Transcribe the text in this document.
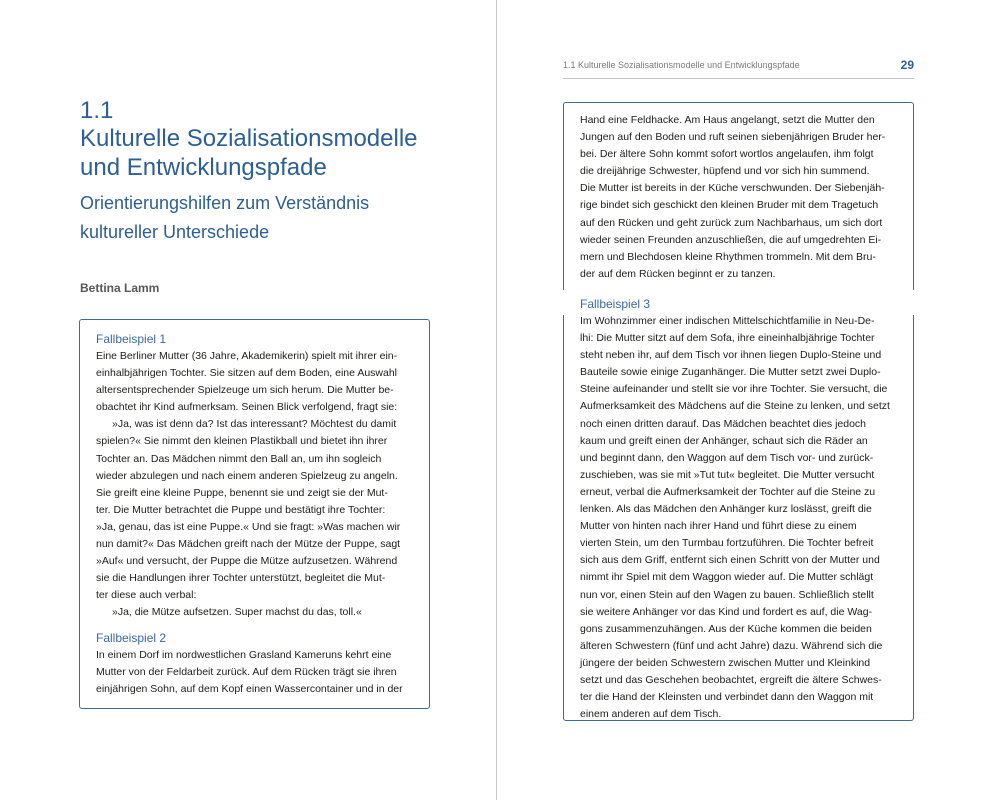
1.1
Kulturelle Sozialisationsmodelle
und Entwicklungspfade
Orientierungshilfen zum Verständnis
kultureller Unterschiede
Bettina Lamm
Fallbeispiel 1
Eine Berliner Mutter (36 Jahre, Akademikerin) spielt mit ihrer ein-
einhalbjährigen Tochter. Sie sitzen auf dem Boden, eine Auswahl
altersentsprechender Spielzeuge um sich herum. Die Mutter be-
obachtet ihr Kind aufmerksam. Seinen Blick verfolgend, fragt sie:
»Ja, was ist denn da? Ist das interessant? Möchtest du damit
spielen?« Sie nimmt den kleinen Plastikball und bietet ihn ihrer
Tochter an. Das Mädchen nimmt den Ball an, um ihn sogleich
wieder abzulegen und nach einem anderen Spielzeug zu angeln.
Sie greift eine kleine Puppe, benennt sie und zeigt sie der Mut-
ter. Die Mutter betrachtet die Puppe und bestätigt ihre Tochter:
»Ja, genau, das ist eine Puppe.« Und sie fragt: »Was machen wir
nun damit?« Das Mädchen greift nach der Mütze der Puppe, sagt
»Auf« und versucht, der Puppe die Mütze aufzusetzen. Während
sie die Handlungen ihrer Tochter unterstützt, begleitet die Mut-
ter diese auch verbal:
»Ja, die Mütze aufsetzen. Super machst du das, toll.«
Fallbeispiel 2
In einem Dorf im nordwestlichen Grasland Kameruns kehrt eine
Mutter von der Feldarbeit zurück. Auf dem Rücken trägt sie ihren
einjährigen Sohn, auf dem Kopf einen Wassercontainer und in der
1.1 Kulturelle Sozialisationsmodelle und Entwicklungspfade	29
Hand eine Feldhacke. Am Haus angelangt, setzt die Mutter den
Jungen auf den Boden und ruft seinen siebenjährigen Bruder her-
bei. Der ältere Sohn kommt sofort wortlos angelaufen, ihm folgt
die dreijährige Schwester, hüpfend und vor sich hin summend.
Die Mutter ist bereits in der Küche verschwunden. Der Siebenjäh-
rige bindet sich geschickt den kleinen Bruder mit dem Tragetuch
auf den Rücken und geht zurück zum Nachbarhaus, um sich dort
wieder seinen Freunden anzuschließen, die auf umgedrehten Ei-
mern und Blechdosen kleine Rhythmen trommeln. Mit dem Bru-
der auf dem Rücken beginnt er zu tanzen.
Fallbeispiel 3
Im Wohnzimmer einer indischen Mittelschichtfamilie in Neu-De-
lhi: Die Mutter sitzt auf dem Sofa, ihre eineinhalbjährige Tochter
steht neben ihr, auf dem Tisch vor ihnen liegen Duplo-Steine und
Bauteile sowie einige Zuganhänger. Die Mutter setzt zwei Duplo-
Steine aufeinander und stellt sie vor ihre Tochter. Sie versucht, die
Aufmerksamkeit des Mädchens auf die Steine zu lenken, und setzt
noch einen dritten darauf. Das Mädchen beachtet dies jedoch
kaum und greift einen der Anhänger, schaut sich die Räder an
und beginnt dann, den Waggon auf dem Tisch vor- und zurück-
zuschieben, was sie mit »Tut tut« begleitet. Die Mutter versucht
erneut, verbal die Aufmerksamkeit der Tochter auf die Steine zu
lenken. Als das Mädchen den Anhänger kurz loslässt, greift die
Mutter von hinten nach ihrer Hand und führt diese zu einem
vierten Stein, um den Turmbau fortzuführen. Die Tochter befreit
sich aus dem Griff, entfernt sich einen Schritt von der Mutter und
nimmt ihr Spiel mit dem Waggon wieder auf. Die Mutter schlägt
nun vor, einen Stein auf den Wagen zu bauen. Schließlich stellt
sie weitere Anhänger vor das Kind und fordert es auf, die Wag-
gons zusammenzuhängen. Aus der Küche kommen die beiden
älteren Schwestern (fünf und acht Jahre) dazu. Während sich die
jüngere der beiden Schwestern zwischen Mutter und Kleinkind
setzt und das Geschehen beobachtet, ergreift die ältere Schwes-
ter die Hand der Kleinsten und verbindet dann den Waggon mit
einem anderen auf dem Tisch.
